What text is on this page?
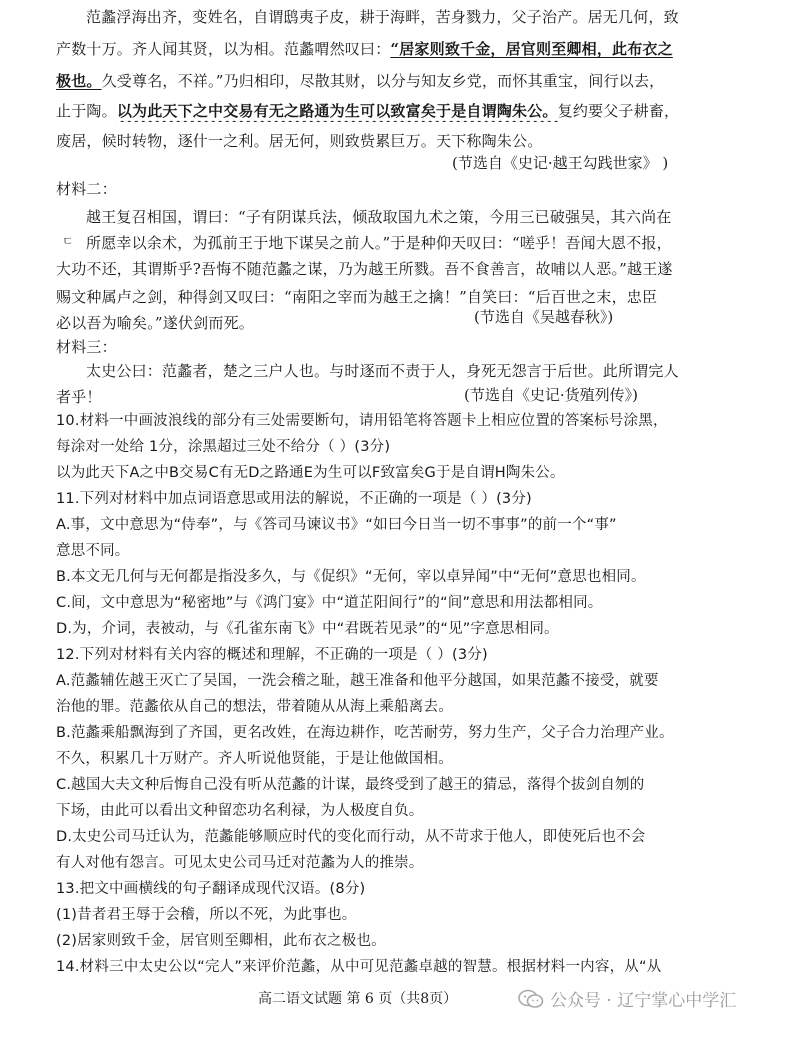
范蠡浮海出齐，变姓名，自谓鸱夷子皮，耕于海畔，苦身戮力，父子治产。居无几何，致
产数十万。齐人闻其贤，以为相。范蠡喟然叹曰：“居家则致千金，居官则至卿相，此布衣之
极也。久受尊名，不祥。”乃归相印，尽散其财，以分与知友乡党，而怀其重宝，间行以去，
止于陶。以为此天下之中交易有无之路通为生可以致富矣于是自谓陶朱公。复约要父子耕畜，
废居，候时转物，逐什一之利。居无何，则致赀累巨万。天下称陶朱公。
(节选自《史记·越王勾践世家》 )
材料二：
越王复召相国，谓曰：“子有阴谋兵法，倾敌取国九术之策，今用三已破强吴，其六尚在
ㄷ 所愿幸以余术，为孤前王于地下谋吴之前人。”于是种仰天叹曰：“嗟乎！吾闻大恩不报，
大功不还，其谓斯乎?吾悔不随范蠡之谋，乃为越王所戮。吾不食善言，故哺以人恶。”越王遂
赐文种属卢之剑，种得剑又叹曰：“南阳之宰而为越王之擒！”自笑曰：“后百世之末，忠臣
必以吾为喻矣。”遂伏剑而死。	(节选自《吴越春秋》)
材料三：
太史公曰：范蠡者，楚之三户人也。与时逐而不责于人，身死无怨言于后世。此所谓完人
者乎！	(节选自《史记·货殖列传》)
10.材料一中画波浪线的部分有三处需要断句，请用铅笔将答题卡上相应位置的答案标号涂黑，
每涂对一处给 1分，涂黑超过三处不给分（ ）(3分)
以为此天下A之中B交易C有无D之路通E为生可以F致富矣G于是自谓H陶朱公。
11.下列对材料中加点词语意思或用法的解说，不正确的一项是（ ）(3分)
A.事，文中意思为“侍奉”，与《答司马谏议书》“如曰今日当一切不事事”的前一个“事”
意思不同。
B.本文无几何与无何都是指没多久，与《促织》“无何，宰以卓异闻”中“无何”意思也相同。
C.间，文中意思为“秘密地”与《鸿门宴》中“道芷阳间行”的“间”意思和用法都相同。
D.为，介词，表被动，与《孔雀东南飞》中“君既若见录”的“见”字意思相同。
12.下列对材料有关内容的概述和理解，不正确的一项是（ ）(3分)
A.范蠡辅佐越王灭亡了吴国，一洗会稽之耻，越王准备和他平分越国，如果范蠡不接受，就要
治他的罪。范蠡依从自己的想法，带着随从从海上乘船离去。
B.范蠡乘船飘海到了齐国，更名改姓，在海边耕作，吃苦耐劳，努力生产，父子合力治理产业。
不久，积累几十万财产。齐人听说他贤能，于是让他做国相。
C.越国大夫文种后悔自己没有听从范蠡的计谋，最终受到了越王的猜忌，落得个拔剑自刎的
下场，由此可以看出文种留恋功名利禄，为人极度自负。
D.太史公司马迁认为，范蠡能够顺应时代的变化而行动，从不苛求于他人，即使死后也不会
有人对他有怨言。可见太史公司马迁对范蠡为人的推崇。
13.把文中画横线的句子翻译成现代汉语。(8分)
(1)昔者君王辱于会稽，所以不死，为此事也。
(2)居家则致千金，居官则至卿相，此布衣之极也。
14.材料三中太史公以“完人”来评价范蠡，从中可见范蠡卓越的智慧。根据材料一内容，从“从
高二语文试题 第 6 页（共8页）	公众号 · 辽宁掌心中学汇
